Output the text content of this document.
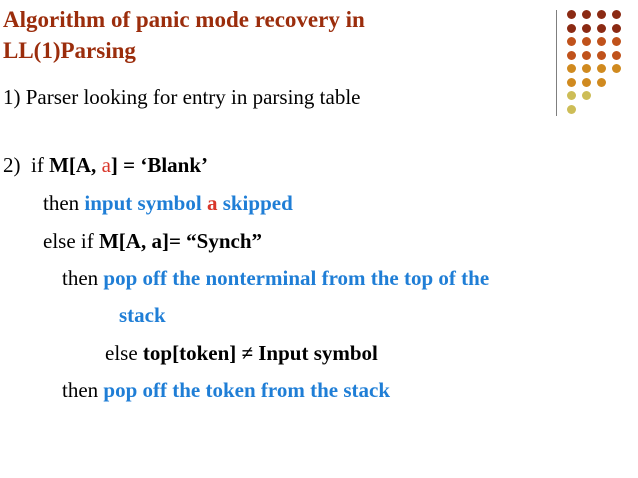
Algorithm of panic mode recovery in
LL(1)Parsing
1) Parser looking for entry in parsing table
2) if M[A, a] = ‘Blank’
then input symbol a skipped
else if M[A, a]= “Synch”
then pop off the nonterminal from the top of the
stack
else top[token] ≠ Input symbol
then pop off the token from the stack
